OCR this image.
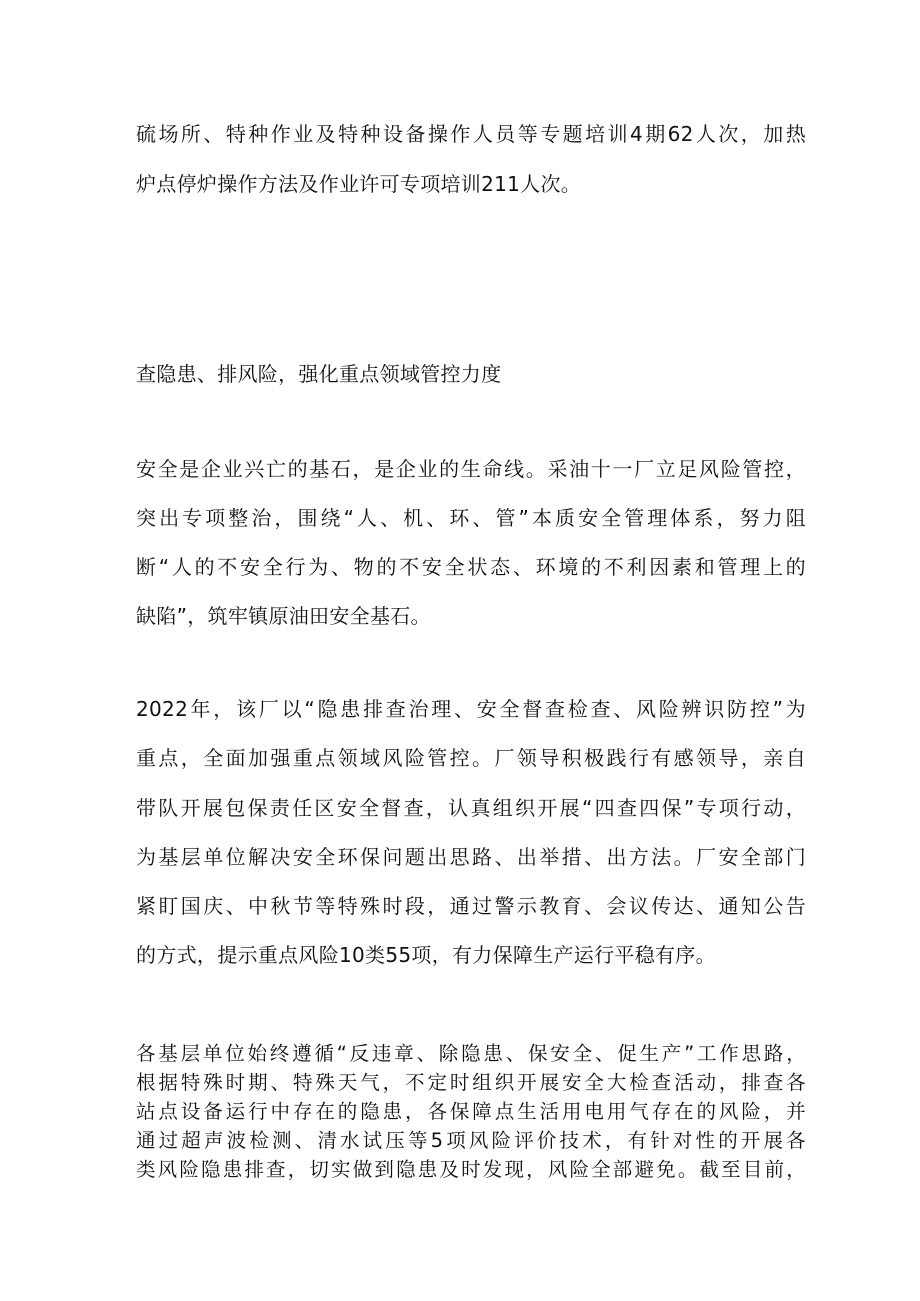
硫场所、特种作业及特种设备操作人员等专题培训4期62人次，加热
炉点停炉操作方法及作业许可专项培训211人次。
查隐患、排风险，强化重点领域管控力度
安全是企业兴亡的基石，是企业的生命线。采油十一厂立足风险管控，
突出专项整治，围绕“人、机、环、管”本质安全管理体系，努力阻
断“人的不安全行为、物的不安全状态、环境的不利因素和管理上的
缺陷”，筑牢镇原油田安全基石。
2022年，该厂以“隐患排查治理、安全督查检查、风险辨识防控”为
重点，全面加强重点领域风险管控。厂领导积极践行有感领导，亲自
带队开展包保责任区安全督查，认真组织开展“四查四保”专项行动，
为基层单位解决安全环保问题出思路、出举措、出方法。厂安全部门
紧盯国庆、中秋节等特殊时段，通过警示教育、会议传达、通知公告
的方式，提示重点风险10类55项，有力保障生产运行平稳有序。
各基层单位始终遵循“反违章、除隐患、保安全、促生产”工作思路，
根据特殊时期、特殊天气，不定时组织开展安全大检查活动，排查各
站点设备运行中存在的隐患，各保障点生活用电用气存在的风险，并
通过超声波检测、清水试压等5项风险评价技术，有针对性的开展各
类风险隐患排查，切实做到隐患及时发现，风险全部避免。截至目前，
